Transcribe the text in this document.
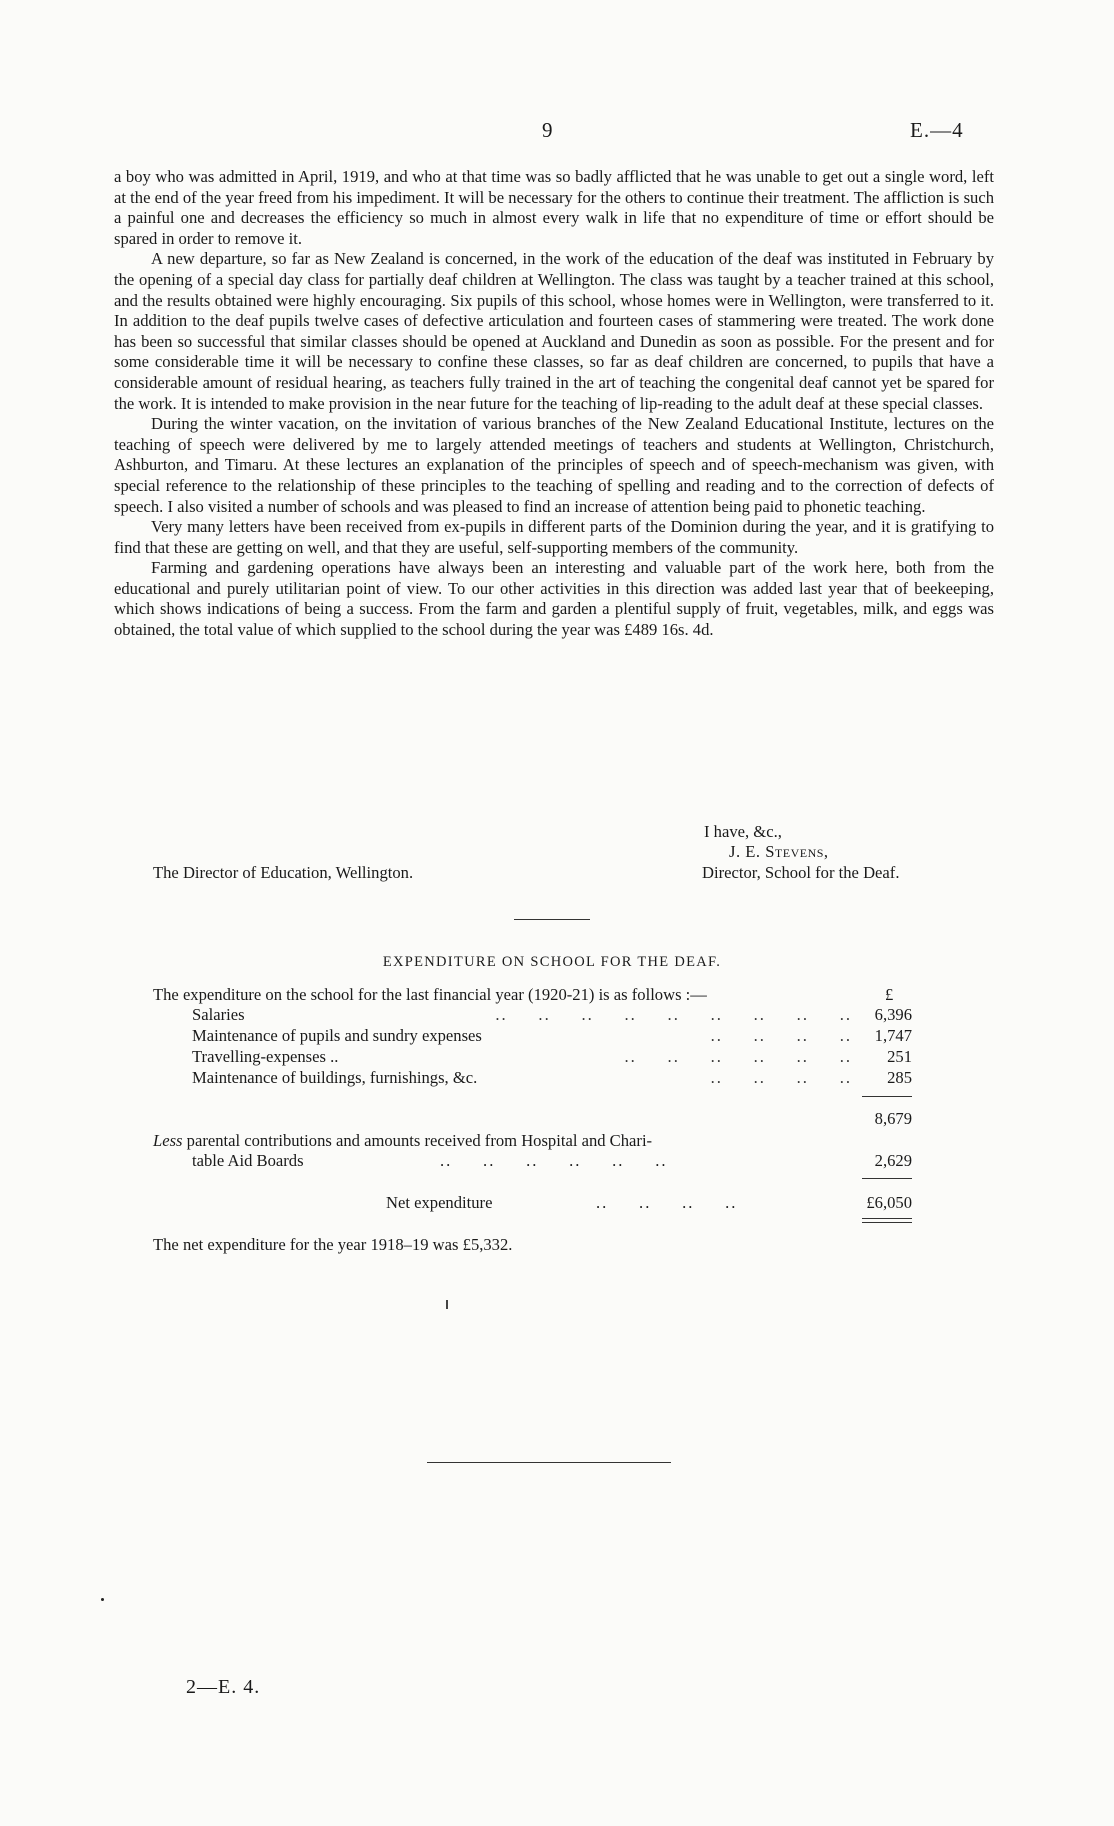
9	E.—4

a boy who was admitted in April, 1919, and who at that time was so badly afflicted that he was unable to get out a single word, left at the end of the year freed from his impediment. It will be necessary for the others to continue their treatment. The affliction is such a painful one and decreases the efficiency so much in almost every walk in life that no expenditure of time or effort should be spared in order to remove it.

A new departure, so far as New Zealand is concerned, in the work of the education of the deaf was instituted in February by the opening of a special day class for partially deaf children at Wellington. The class was taught by a teacher trained at this school, and the results obtained were highly encouraging. Six pupils of this school, whose homes were in Wellington, were transferred to it. In addition to the deaf pupils twelve cases of defective articulation and fourteen cases of stammering were treated. The work done has been so successful that similar classes should be opened at Auckland and Dunedin as soon as possible. For the present and for some considerable time it will be necessary to confine these classes, so far as deaf children are concerned, to pupils that have a considerable amount of residual hearing, as teachers fully trained in the art of teaching the congenital deaf cannot yet be spared for the work. It is intended to make provision in the near future for the teaching of lip-reading to the adult deaf at these special classes.

During the winter vacation, on the invitation of various branches of the New Zealand Educational Institute, lectures on the teaching of speech were delivered by me to largely attended meetings of teachers and students at Wellington, Christchurch, Ashburton, and Timaru. At these lectures an explanation of the principles of speech and of speech-mechanism was given, with special reference to the relationship of these principles to the teaching of spelling and reading and to the correction of defects of speech. I also visited a number of schools and was pleased to find an increase of attention being paid to phonetic teaching.

Very many letters have been received from ex-pupils in different parts of the Dominion during the year, and it is gratifying to find that these are getting on well, and that they are useful, self-supporting members of the community.

Farming and gardening operations have always been an interesting and valuable part of the work here, both from the educational and purely utilitarian point of view. To our other activities in this direction was added last year that of beekeeping, which shows indications of being a success. From the farm and garden a plentiful supply of fruit, vegetables, milk, and eggs was obtained, the total value of which supplied to the school during the year was £489 16s. 4d.

I have, &c.,
J. E. Stevens,
The Director of Education, Wellington.	Director, School for the Deaf.
EXPENDITURE ON SCHOOL FOR THE DEAF.
The expenditure on the school for the last financial year (1920-21) is as follows :—	£
Salaries	..     ..     ..     ..     ..     ..     ..     ..     ..	6,396
Maintenance of pupils and sundry expenses	..     ..     ..     ..	1,747
Travelling-expenses ..	..     ..     ..     ..     ..     ..	251
Maintenance of buildings, furnishings, &c.	..     ..     ..     ..	285
8,679
Less parental contributions and amounts received from Hospital and Chari-
table Aid Boards	..     ..     ..     ..     ..     ..	2,629
Net expenditure	..     ..     ..     ..	£6,050
The net expenditure for the year 1918–19 was £5,332.
2—E. 4.
